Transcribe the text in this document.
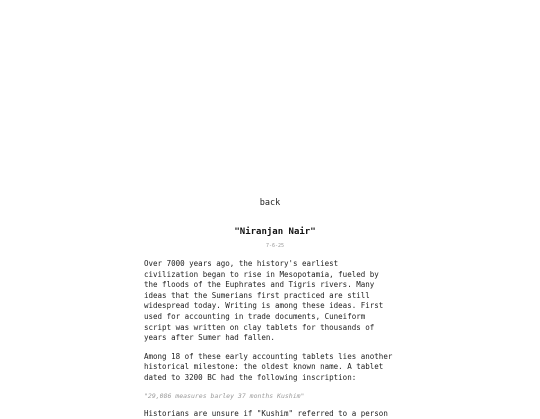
back
"Niranjan Nair"
7-6-25

Over 7000 years ago, the history's earliest
civilization began to rise in Mesopotamia, fueled by
the floods of the Euphrates and Tigris rivers. Many
ideas that the Sumerians first practiced are still
widespread today. Writing is among these ideas. First
used for accounting in trade documents, Cuneiform
script was written on clay tablets for thousands of
years after Sumer had fallen.

Among 18 of these early accounting tablets lies another
historical milestone: the oldest known name. A tablet
dated to 3200 BC had the following inscription:

"29,086 measures barley 37 months Kushim"

Historians are unsure if "Kushim" referred to a person
